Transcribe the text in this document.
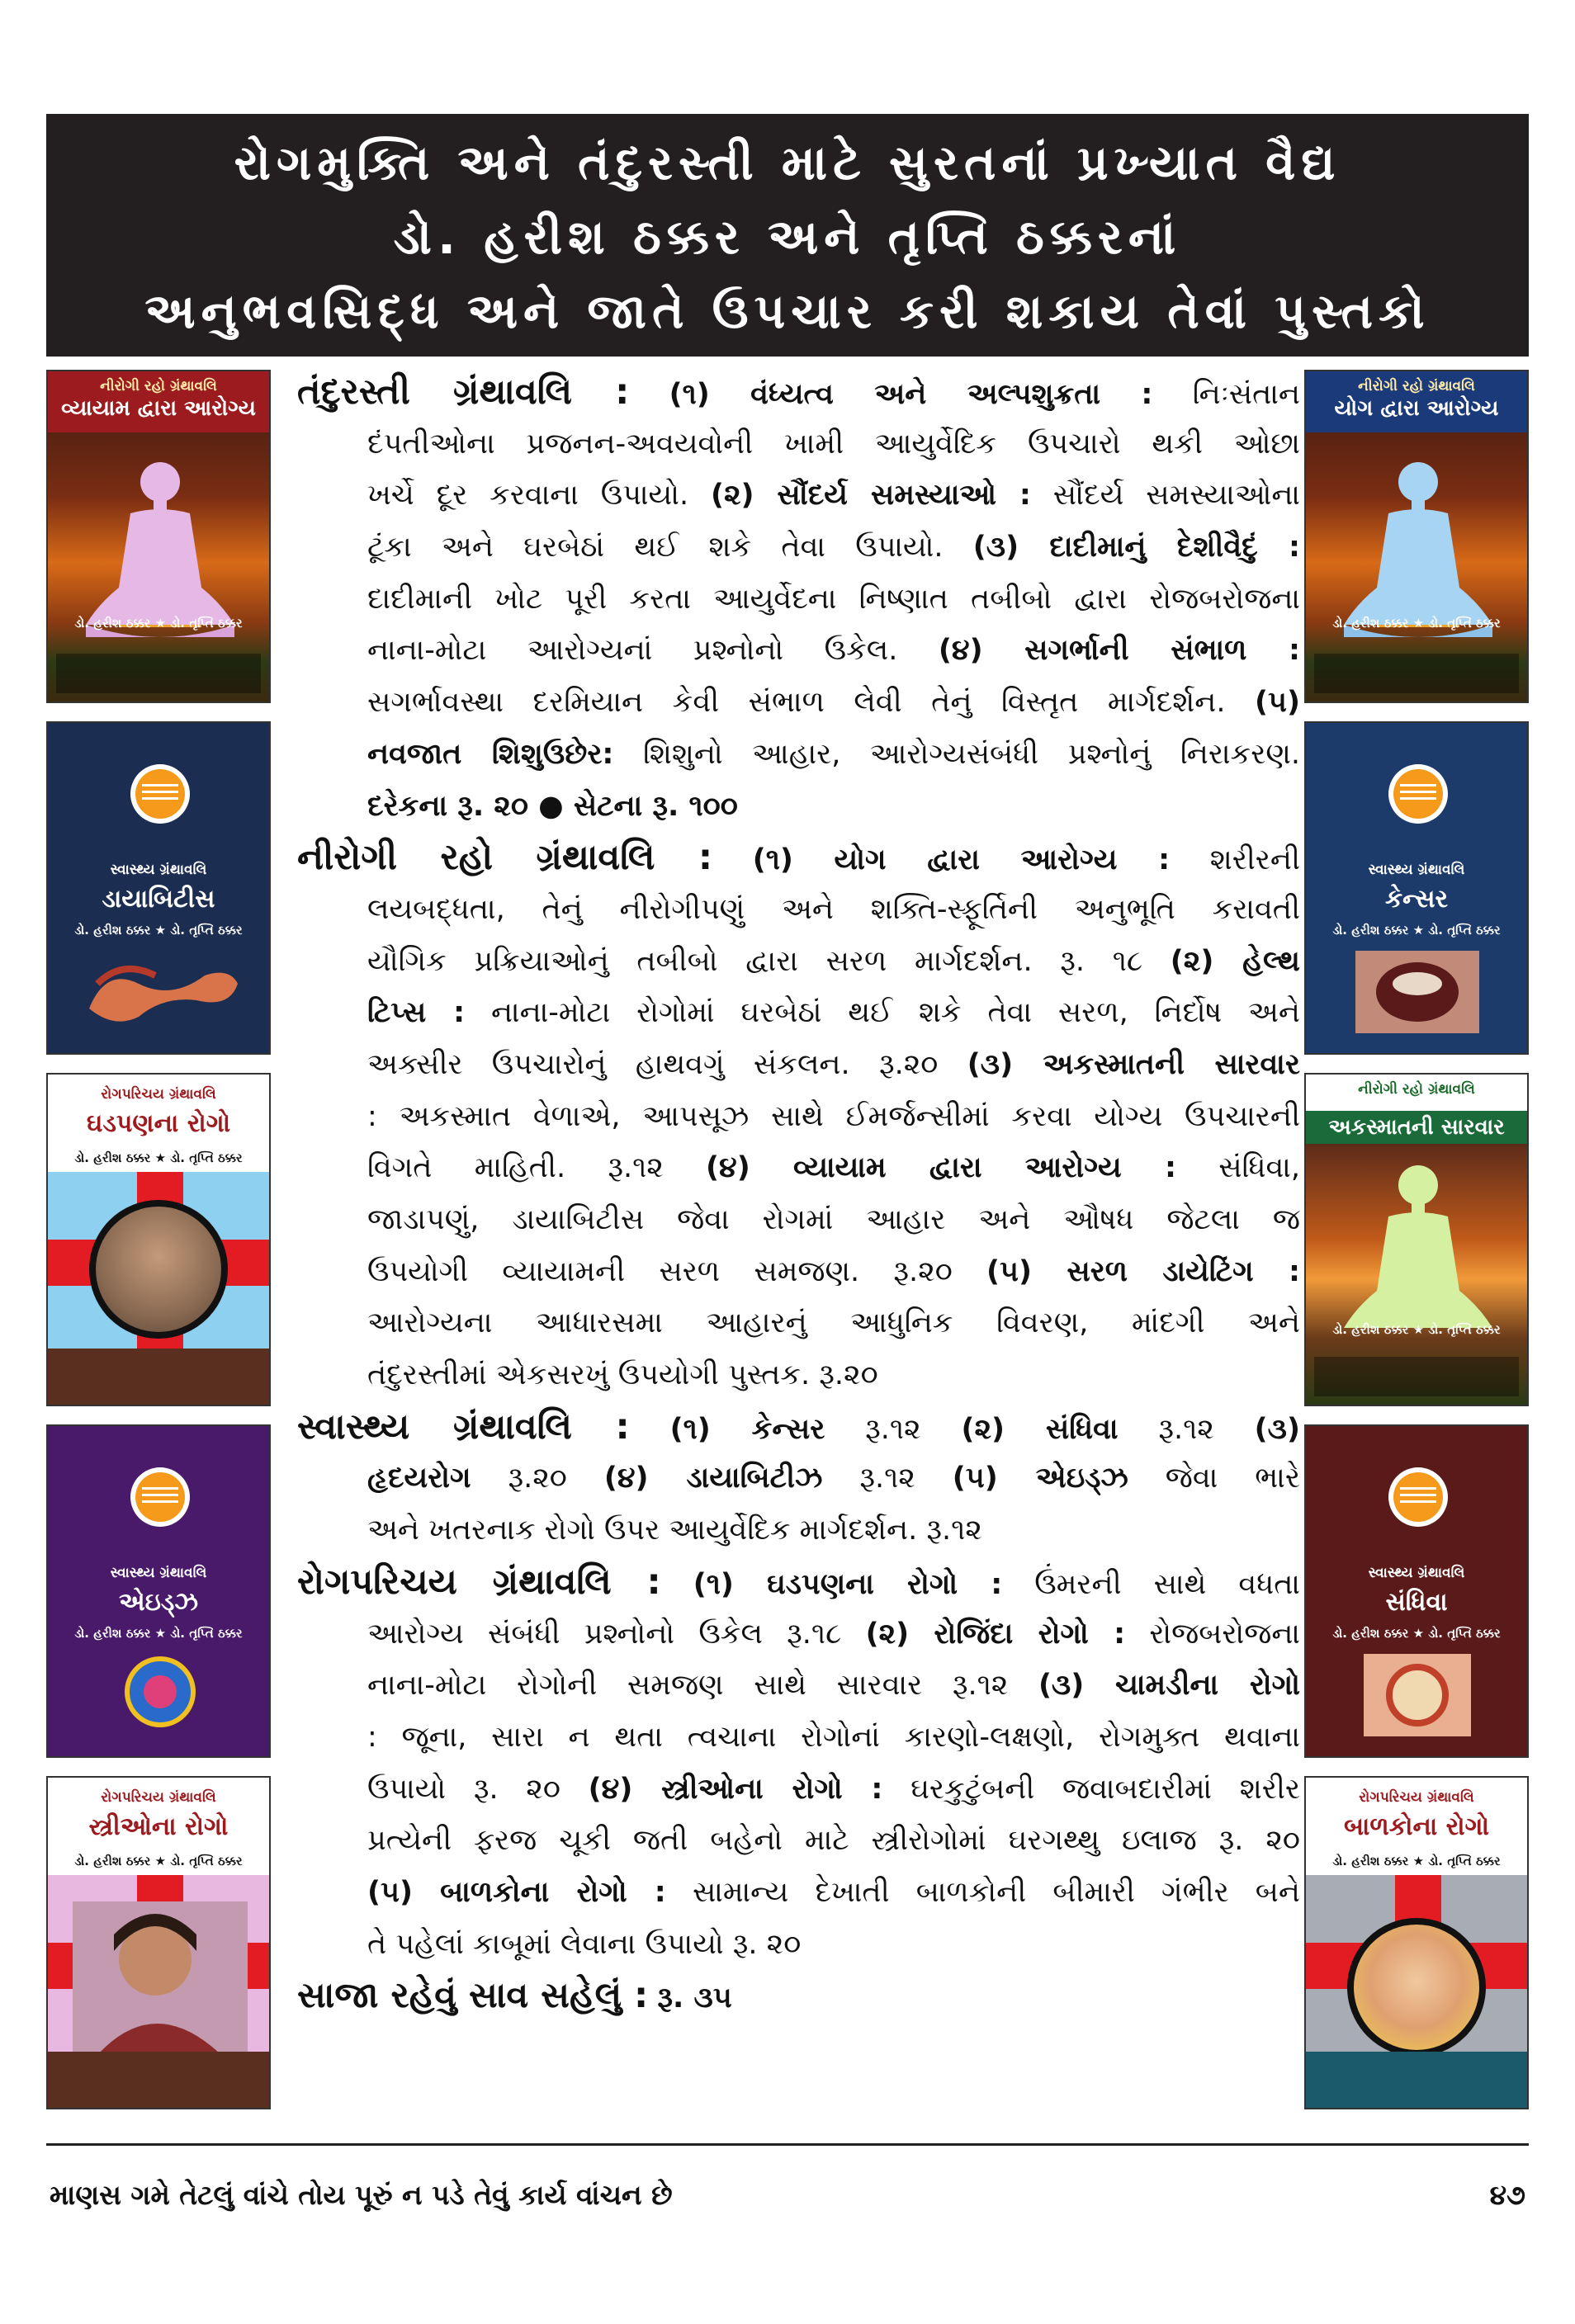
રોગમુક્તિ અને તંદુરસ્તી માટે સુરતનાં પ્રખ્યાત વૈદ્ય
ડો. હરીશ ઠક્કર અને તૃપ્તિ ઠક્કરનાં
અનુભવસિદ્ધ અને જાતે ઉપચાર કરી શકાય તેવાં પુસ્તકો
નીરોગી રહો ગ્રંથાવલિ
વ્યાયામ દ્વારા આરોગ્ય
ડો. હરીશ ઠક્કર ★ ડો. તૃપ્તિ ઠક્કર
સ્વાસ્થ્ય ગ્રંથાવલિ
ડાયાબિટીસ
ડો. હરીશ ઠક્કર ★ ડો. તૃપ્તિ ઠક્કર
રોગપરિચય ગ્રંથાવલિ
ઘડપણના રોગો
ડો. હરીશ ઠક્કર ★ ડો. તૃપ્તિ ઠક્કર
સ્વાસ્થ્ય ગ્રંથાવલિ
એઇડ્ઝ
ડો. હરીશ ઠક્કર ★ ડો. તૃપ્તિ ઠક્કર
રોગપરિચય ગ્રંથાવલિ
સ્ત્રીઓના રોગો
ડો. હરીશ ઠક્કર ★ ડો. તૃપ્તિ ઠક્કર
નીરોગી રહો ગ્રંથાવલિ
યોગ દ્વારા આરોગ્ય
ડો. હરીશ ઠક્કર ★ ડો. તૃપ્તિ ઠક્કર
સ્વાસ્થ્ય ગ્રંથાવલિ
કેન્સર
ડો. હરીશ ઠક્કર ★ ડો. તૃપ્તિ ઠક્કર
નીરોગી રહો ગ્રંથાવલિ
અકસ્માતની સારવાર
ડો. હરીશ ઠક્કર ★ ડો. તૃપ્તિ ઠક્કર
સ્વાસ્થ્ય ગ્રંથાવલિ
સંધિવા
ડો. હરીશ ઠક્કર ★ ડો. તૃપ્તિ ઠક્કર
રોગપરિચય ગ્રંથાવલિ
બાળકોના રોગો
ડો. હરીશ ઠક્કર ★ ડો. તૃપ્તિ ઠક્કર
તંદુરસ્તી ગ્રંથાવલિ : (૧) વંધ્યત્વ અને અલ્પશુક્રતા : નિઃસંતાન
દંપતીઓના પ્રજનન-અવયવોની ખામી આયુર્વેદિક ઉપચારો થકી ઓછા
ખર્ચે દૂર કરવાના ઉપાયો. (૨) સૌંદર્ય સમસ્યાઓ : સૌંદર્ય સમસ્યાઓના
ટૂંકા અને ઘરબેઠાં થઈ શકે તેવા ઉપાયો. (૩) દાદીમાનું દેશીવૈદું :
દાદીમાની ખોટ પૂરી કરતા આયુર્વેદના નિષ્ણાત તબીબો દ્વારા રોજબરોજના
નાના-મોટા આરોગ્યનાં પ્રશ્નોનો ઉકેલ. (૪) સગર્ભાની સંભાળ :
સગર્ભાવસ્થા દરમિયાન કેવી સંભાળ લેવી તેનું વિસ્તૃત માર્ગદર્શન. (૫)
નવજાત શિશુઉછેર: શિશુનો આહાર, આરોગ્યસંબંધી પ્રશ્નોનું નિરાકરણ.
દરેકના રૂ. ૨૦ ● સેટના રૂ. ૧૦૦
નીરોગી રહો ગ્રંથાવલિ : (૧) યોગ દ્વારા આરોગ્ય : શરીરની
લયબદ્ધતા, તેનું નીરોગીપણું અને શક્તિ-સ્ફૂર્તિની અનુભૂતિ કરાવતી
યૌગિક પ્રક્રિયાઓનું તબીબો દ્વારા સરળ માર્ગદર્શન. રૂ. ૧૮ (૨) હેલ્થ
ટિપ્સ : નાના-મોટા રોગોમાં ઘરબેઠાં થઈ શકે તેવા સરળ, નિર્દોષ અને
અક્સીર ઉપચારોનું હાથવગું સંકલન. રૂ.૨૦ (૩) અકસ્માતની સારવાર
: અકસ્માત વેળાએ, આપસૂઝ સાથે ઈમર્જન્સીમાં કરવા યોગ્ય ઉપચારની
વિગતે માહિતી. રૂ.૧૨ (૪) વ્યાયામ દ્વારા આરોગ્ય : સંધિવા,
જાડાપણું, ડાયાબિટીસ જેવા રોગમાં આહાર અને ઔષધ જેટલા જ
ઉપયોગી વ્યાયામની સરળ સમજણ. રૂ.૨૦ (૫) સરળ ડાયેટિંગ :
આરોગ્યના આધારસમા આહારનું આધુનિક વિવરણ, માંદગી અને
તંદુરસ્તીમાં એકસરખું ઉપયોગી પુસ્તક. રૂ.૨૦
સ્વાસ્થ્ય ગ્રંથાવલિ : (૧) કેન્સર રૂ.૧૨ (૨) સંધિવા રૂ.૧૨ (૩)
હૃદયરોગ રૂ.૨૦ (૪) ડાયાબિટીઝ રૂ.૧૨ (૫) એઇડ્ઝ જેવા ભારે
અને ખતરનાક રોગો ઉપર આયુર્વેદિક માર્ગદર્શન. રૂ.૧૨
રોગપરિચય ગ્રંથાવલિ : (૧) ઘડપણના રોગો : ઉંમરની સાથે વધતા
આરોગ્ય સંબંધી પ્રશ્નોનો ઉકેલ રૂ.૧૮ (૨) રોજિંદા રોગો : રોજબરોજના
નાના-મોટા રોગોની સમજણ સાથે સારવાર રૂ.૧૨ (૩) ચામડીના રોગો
: જૂના, સારા ન થતા ત્વચાના રોગોનાં કારણો-લક્ષણો, રોગમુક્ત થવાના
ઉપાયો રૂ. ૨૦ (૪) સ્ત્રીઓના રોગો : ઘરકુટુંબની જવાબદારીમાં શરીર
પ્રત્યેની ફરજ ચૂકી જતી બહેનો માટે સ્ત્રીરોગોમાં ઘરગથ્થુ ઇલાજ રૂ. ૨૦
(૫) બાળકોના રોગો : સામાન્ય દેખાતી બાળકોની બીમારી ગંભીર બને
તે પહેલાં કાબૂમાં લેવાના ઉપાયો રૂ. ૨૦
સાજા રહેવું સાવ સહેલું : રૂ. ૩૫
માણસ ગમે તેટલું વાંચે તોય પૂરું ન પડે તેવું કાર્ય વાંચન છે	૪૭
